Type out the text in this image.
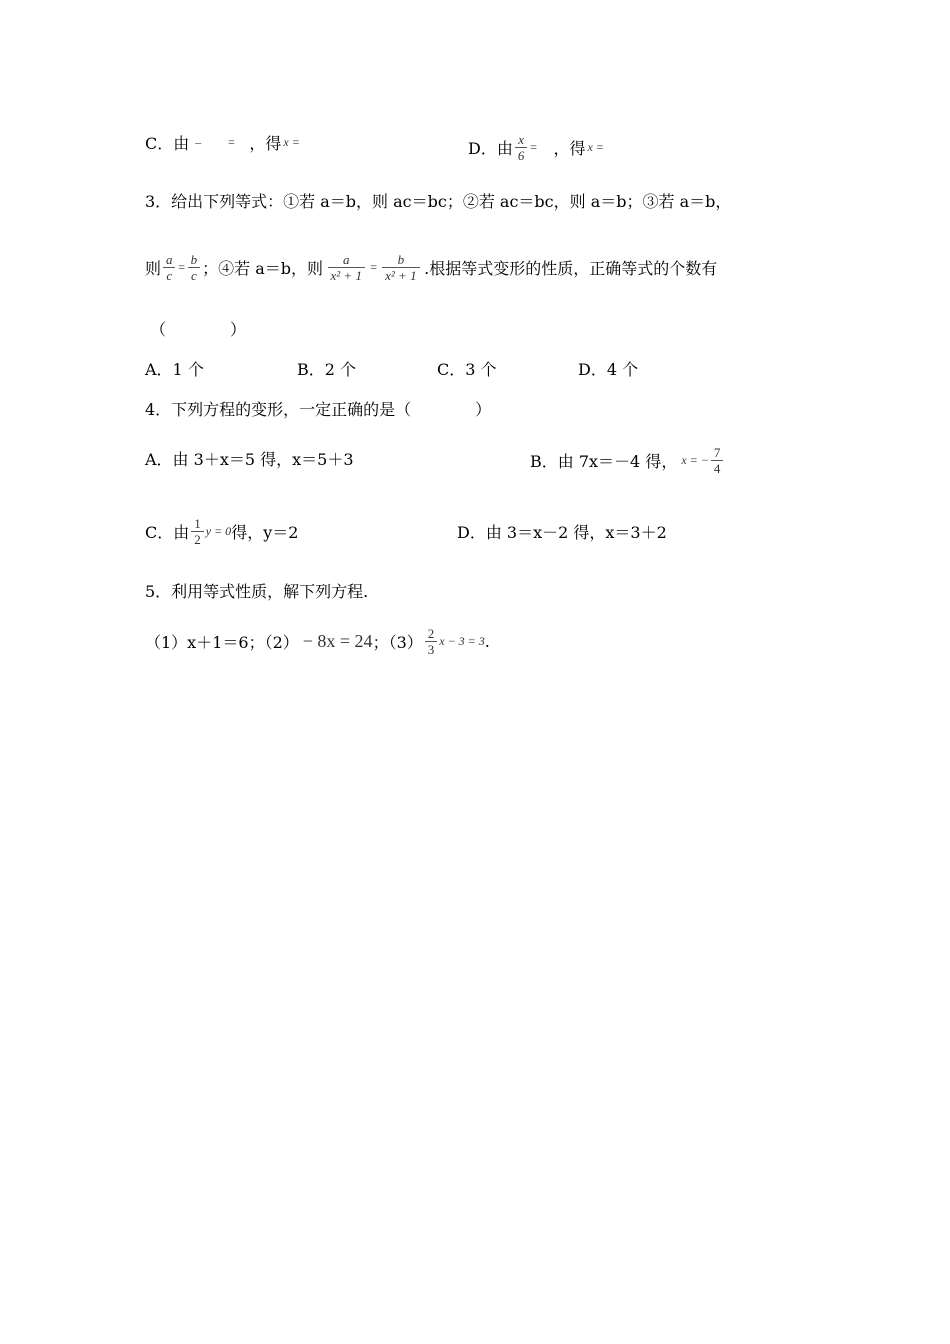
C．由 – = ，得 x =	D．由 $\frac{x}{6}$ = ，得 x =
3．给出下列等式：①若 a＝b，则 ac＝bc；②若 ac＝bc，则 a＝b；③若 a＝b，
则 $\frac{a}{c} = \frac{b}{c}$ ；④若 a＝b，则 $\frac{a}{\text{x² + 1}} = \frac{b}{\text{x² + 1}}$ .根据等式变形的性质，正确等式的个数有
（　　　　）
A．1 个	B．2 个	C．3 个	D．4 个
4．下列方程的变形，一定正确的是（　　　　）
A．由 3＋x＝5 得，x＝5＋3	B．由 7x＝－4 得， x = − $\frac{7}{4}$
C．由 $\frac{1}{2}$ y = 0 得，y＝2	D．由 3＝x－2 得，x＝3＋2
5．利用等式性质，解下列方程.
（1）x＋1＝6；（2） − 8x = 24 ；$(3) \frac{2}{3}$ x − 3 = 3 .
